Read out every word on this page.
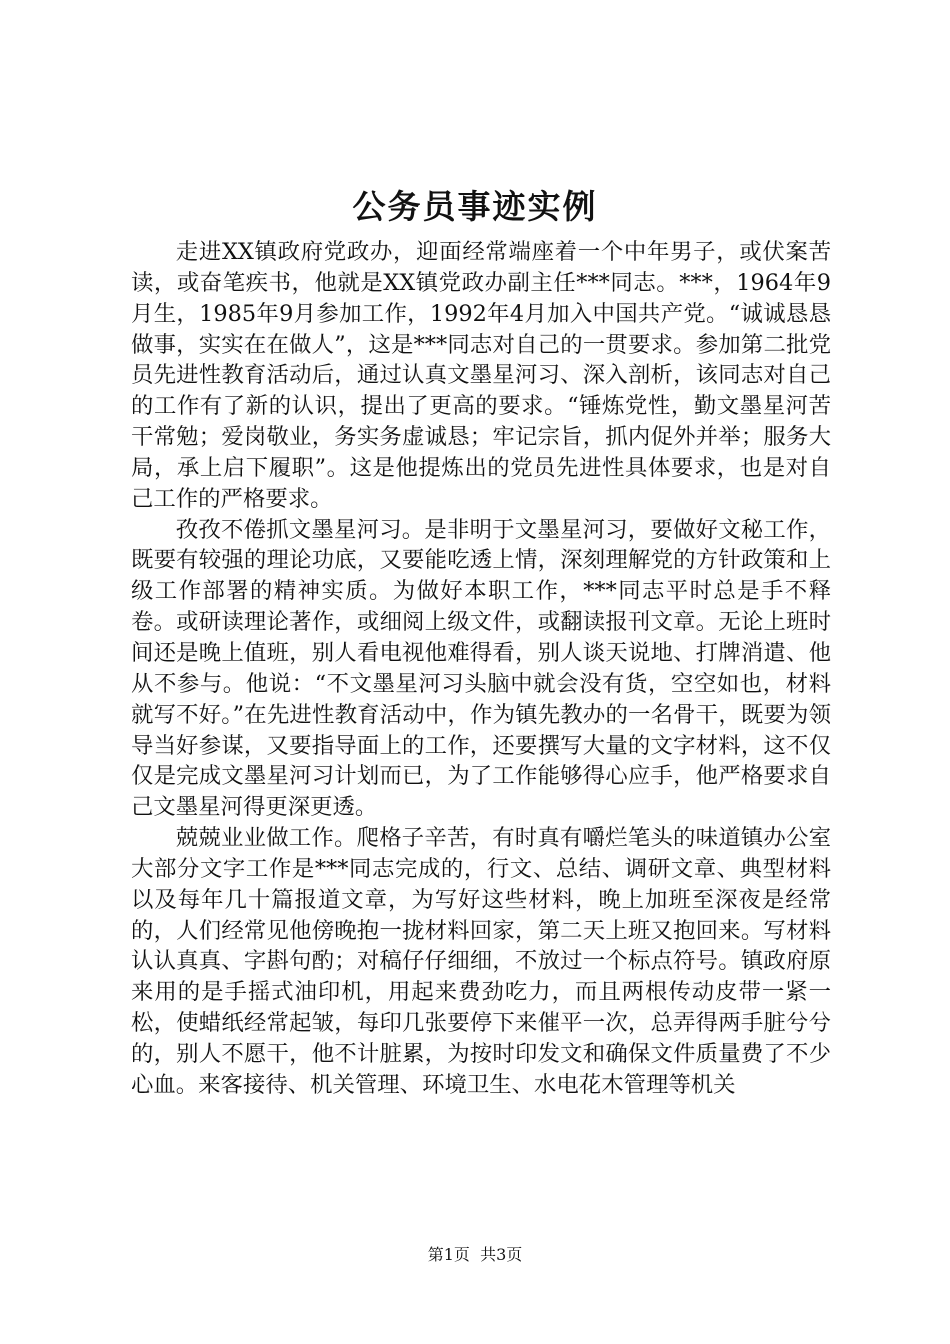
公务员事迹实例

走进XX镇政府党政办，迎面经常端座着一个中年男子，或伏案苦读，或奋笔疾书，他就是XX镇党政办副主任***同志。***，1964年9月生，1985年9月参加工作，1992年4月加入中国共产党。“诚诚恳恳做事，实实在在做人”，这是***同志对自己的一贯要求。参加第二批党员先进性教育活动后，通过认真文墨星河习、深入剖析，该同志对自己的工作有了新的认识，提出了更高的要求。“锤炼党性，勤文墨星河苦干常勉；爱岗敬业，务实务虚诚恳；牢记宗旨，抓内促外并举；服务大局，承上启下履职”。这是他提炼出的党员先进性具体要求，也是对自己工作的严格要求。

孜孜不倦抓文墨星河习。是非明于文墨星河习，要做好文秘工作，既要有较强的理论功底，又要能吃透上情，深刻理解党的方针政策和上级工作部署的精神实质。为做好本职工作，***同志平时总是手不释卷。或研读理论著作，或细阅上级文件，或翻读报刊文章。无论上班时间还是晚上值班，别人看电视他难得看，别人谈天说地、打牌消遣、他从不参与。他说：“不文墨星河习头脑中就会没有货，空空如也，材料就写不好。”在先进性教育活动中，作为镇先教办的一名骨干，既要为领导当好参谋，又要指导面上的工作，还要撰写大量的文字材料，这不仅仅是完成文墨星河习计划而已，为了工作能够得心应手，他严格要求自己文墨星河得更深更透。

兢兢业业做工作。爬格子辛苦，有时真有嚼烂笔头的味道镇办公室大部分文字工作是***同志完成的，行文、总结、调研文章、典型材料以及每年几十篇报道文章，为写好这些材料，晚上加班至深夜是经常的，人们经常见他傍晚抱一拢材料回家，第二天上班又抱回来。写材料认认真真、字斟句酌；对稿仔仔细细，不放过一个标点符号。镇政府原来用的是手摇式油印机，用起来费劲吃力，而且两根传动皮带一紧一松，使蜡纸经常起皱，每印几张要停下来催平一次，总弄得两手脏兮兮的，别人不愿干，他不计脏累，为按时印发文和确保文件质量费了不少心血。来客接待、机关管理、环境卫生、水电花木管理等机关

第1页  共3页
